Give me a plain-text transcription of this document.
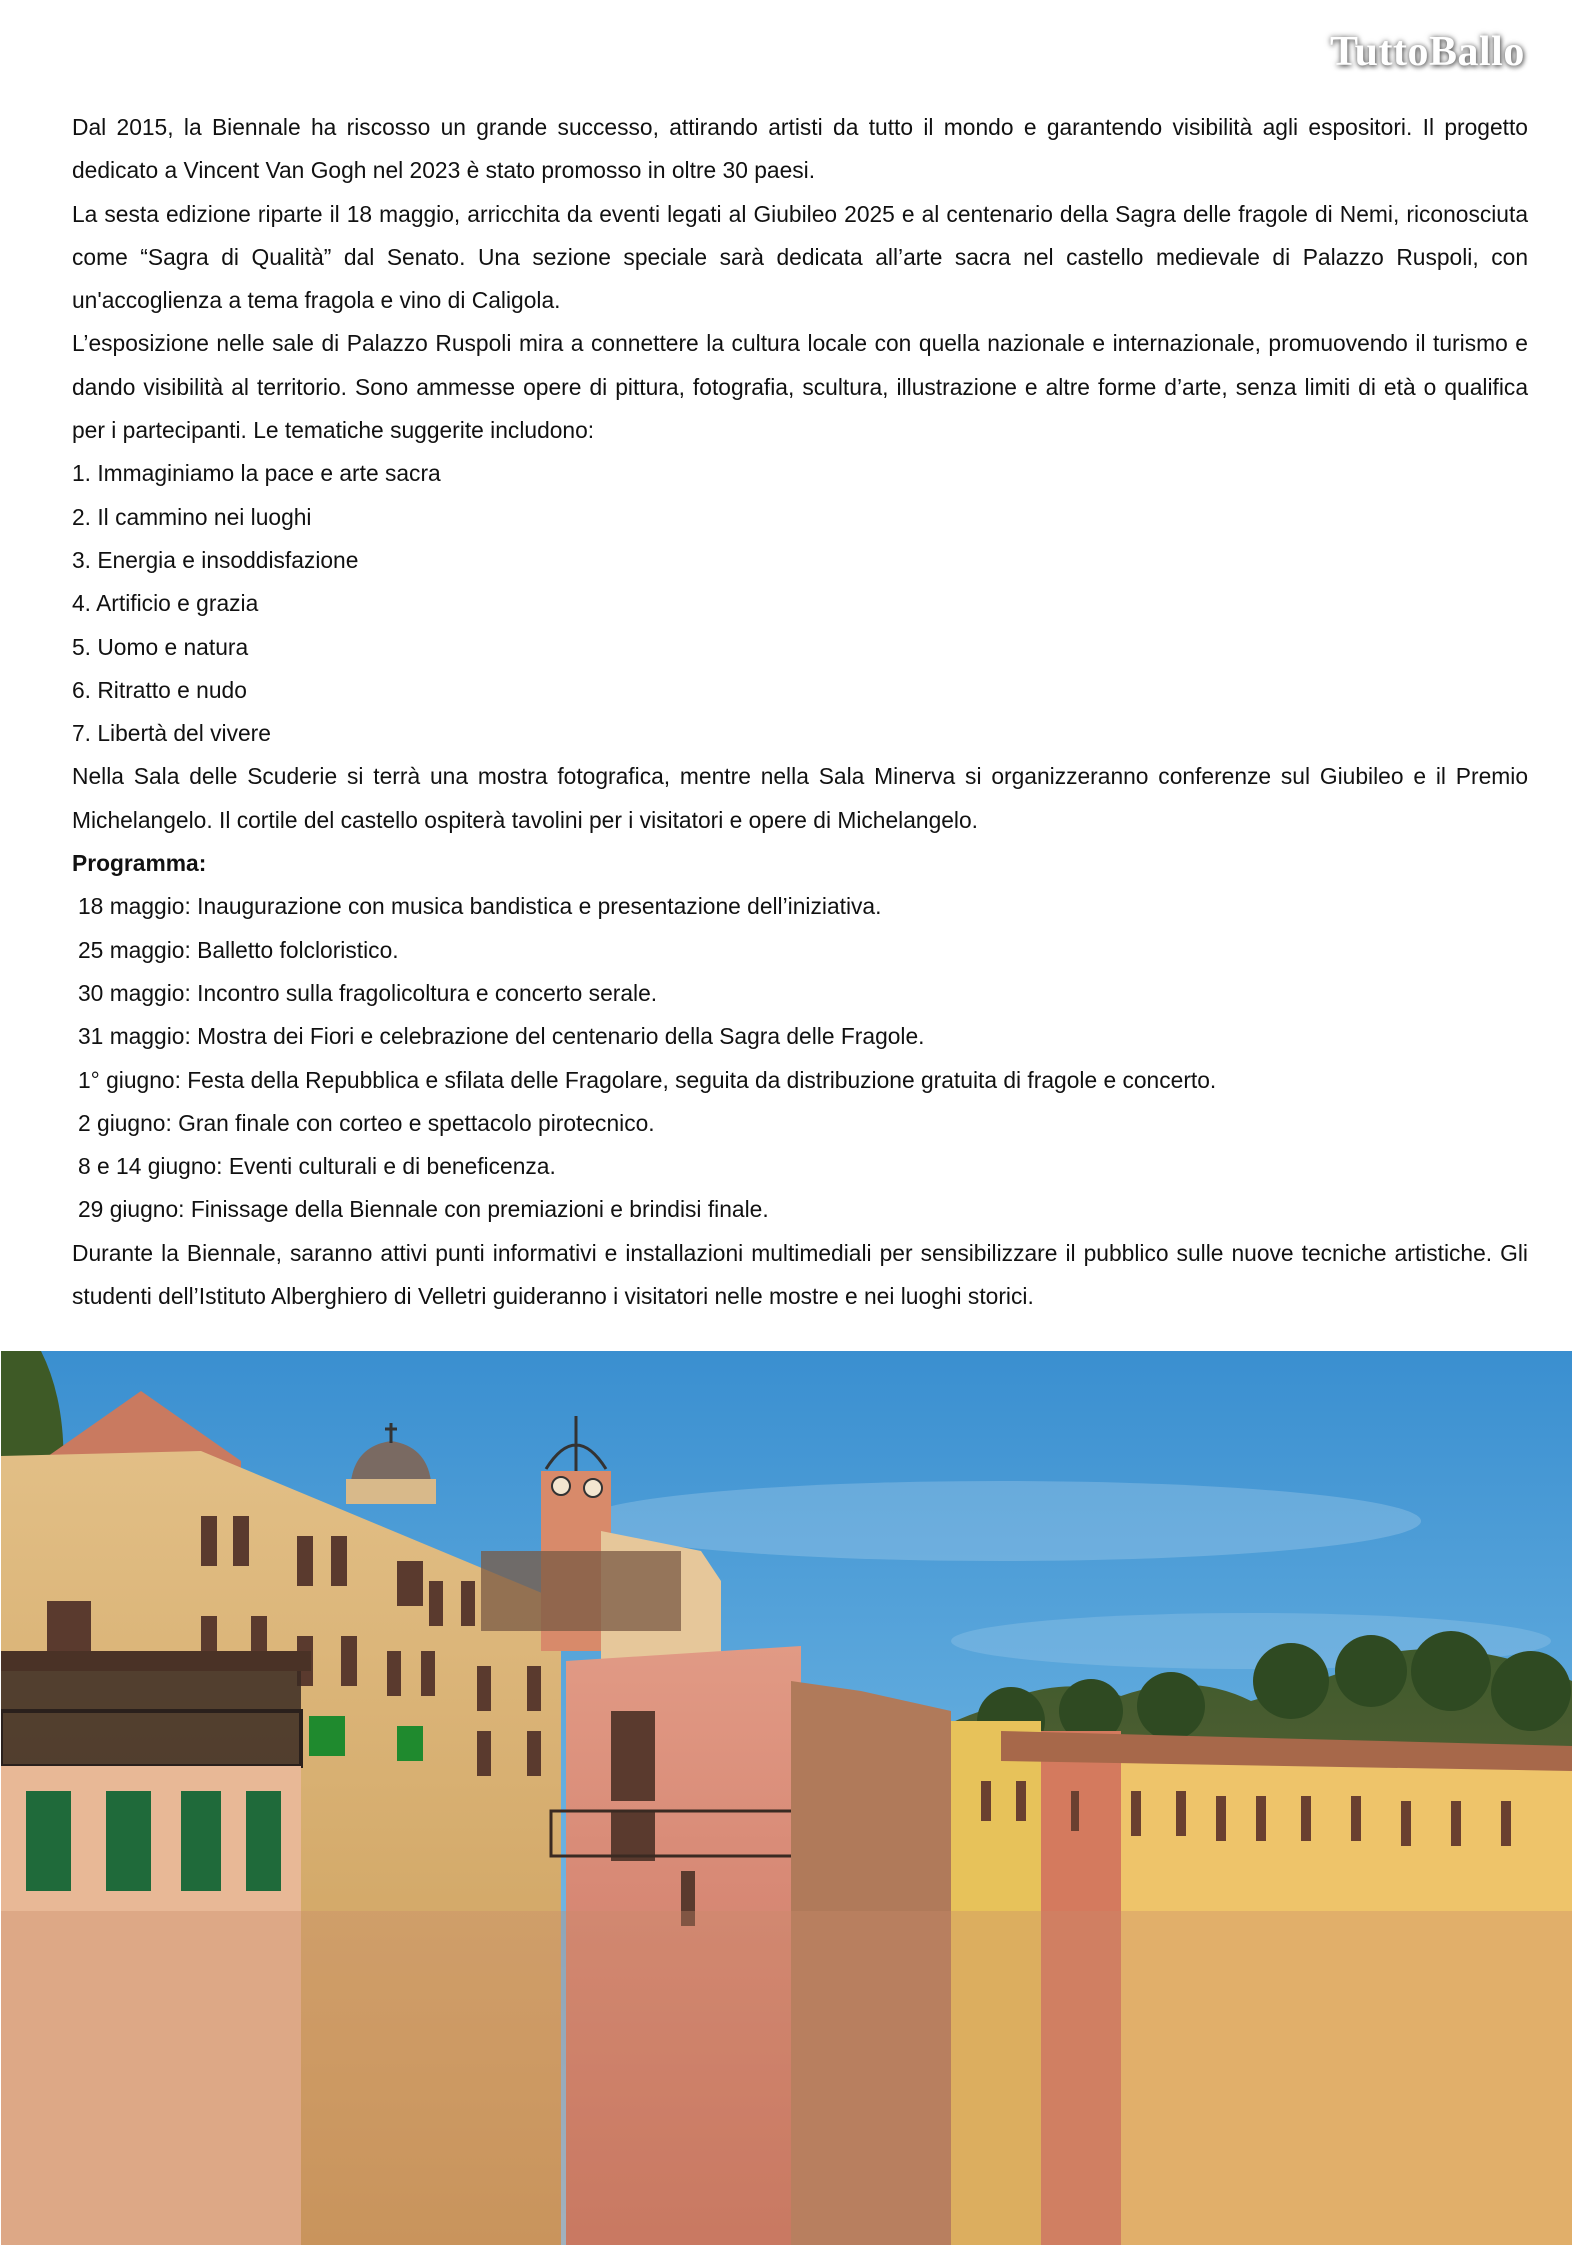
TuttoBallo

Dal 2015, la Biennale ha riscosso un grande successo, attirando artisti da tutto il mondo e garantendo visibilità agli espositori. Il progetto dedicato a Vincent Van Gogh nel 2023 è stato promosso in oltre 30 paesi.

La sesta edizione riparte il 18 maggio, arricchita da eventi legati al Giubileo 2025 e al centenario della Sagra delle fragole di Nemi, riconosciuta come “Sagra di Qualità” dal Senato. Una sezione speciale sarà dedicata all’arte sacra nel castello medievale di Palazzo Ruspoli, con un'accoglienza a tema fragola e vino di Caligola.

L’esposizione nelle sale di Palazzo Ruspoli mira a connettere la cultura locale con quella nazionale e internazionale, promuovendo il turismo e dando visibilità al territorio. Sono ammesse opere di pittura, fotografia, scultura, illustrazione e altre forme d’arte, senza limiti di età o qualifica per i partecipanti. Le tematiche suggerite includono:

1. Immaginiamo la pace e arte sacra

2. Il cammino nei luoghi

3. Energia e insoddisfazione

4. Artificio e grazia

5. Uomo e natura

6. Ritratto e nudo

7. Libertà del vivere

Nella Sala delle Scuderie si terrà una mostra fotografica, mentre nella Sala Minerva si organizzeranno conferenze sul Giubileo e il Premio Michelangelo. Il cortile del castello ospiterà tavolini per i visitatori e opere di Michelangelo.

Programma:

18 maggio: Inaugurazione con musica bandistica e presentazione dell’iniziativa.

25 maggio: Balletto folcloristico.

30 maggio: Incontro sulla fragolicoltura e concerto serale.

31 maggio: Mostra dei Fiori e celebrazione del centenario della Sagra delle Fragole.

1° giugno: Festa della Repubblica e sfilata delle Fragolare, seguita da distribuzione gratuita di fragole e concerto.

2 giugno: Gran finale con corteo e spettacolo pirotecnico.

8 e 14 giugno: Eventi culturali e di beneficenza.

29 giugno: Finissage della Biennale con premiazioni e brindisi finale.

Durante la Biennale, saranno attivi punti informativi e installazioni multimediali per sensibilizzare il pubblico sulle nuove tecniche artistiche. Gli studenti dell’Istituto Alberghiero di Velletri guideranno i visitatori nelle mostre e nei luoghi storici.
